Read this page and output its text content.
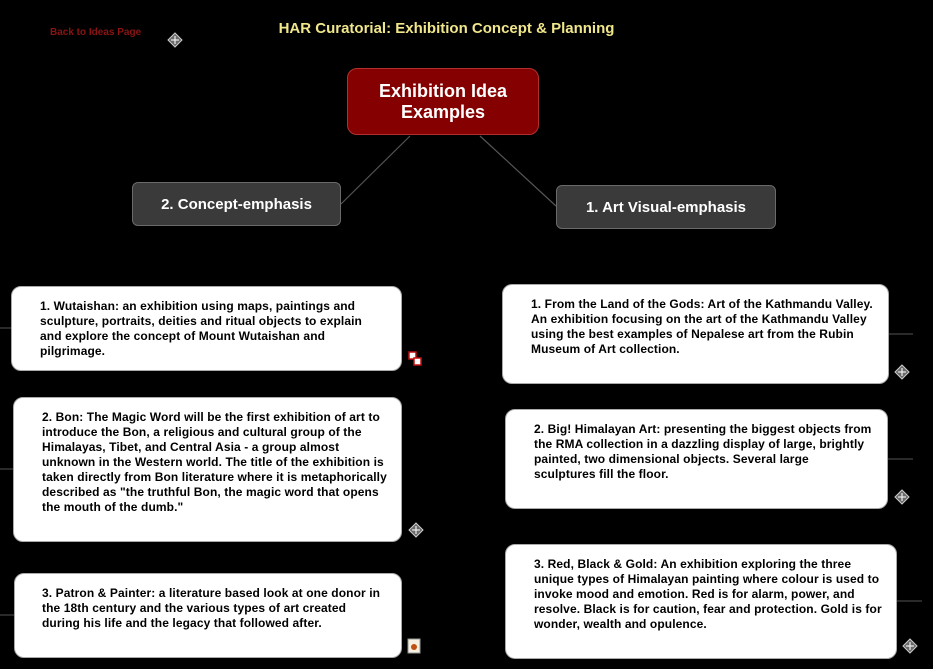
Back to Ideas Page	HAR Curatorial: Exhibition Concept & Planning
Exhibition Idea
Examples
2. Concept-emphasis	1. Art Visual-emphasis
1. Wutaishan: an exhibition using maps, paintings and sculpture, portraits, deities and ritual objects to explain and explore the concept of Mount Wutaishan and pilgrimage.
2. Bon: The Magic Word will be the first exhibition of art to introduce the Bon, a religious and cultural group of the Himalayas, Tibet, and Central Asia - a group almost unknown in the Western world. The title of the exhibition is taken directly from Bon literature where it is metaphorically described as "the truthful Bon, the magic word that opens the mouth of the dumb."
3. Patron & Painter: a literature based look at one donor in the 18th century and the various types of art created during his life and the legacy that followed after.
1. From the Land of the Gods: Art of the Kathmandu Valley. An exhibition focusing on the art of the Kathmandu Valley using the best examples of Nepalese art from the Rubin Museum of Art collection.
2. Big! Himalayan Art: presenting the biggest objects from the RMA collection in a dazzling display of large, brightly painted, two dimensional objects. Several large sculptures fill the floor.
3. Red, Black & Gold: An exhibition exploring the three unique types of Himalayan painting where colour is used to invoke mood and emotion. Red is for alarm, power, and resolve. Black is for caution, fear and protection. Gold is for wonder, wealth and opulence.
